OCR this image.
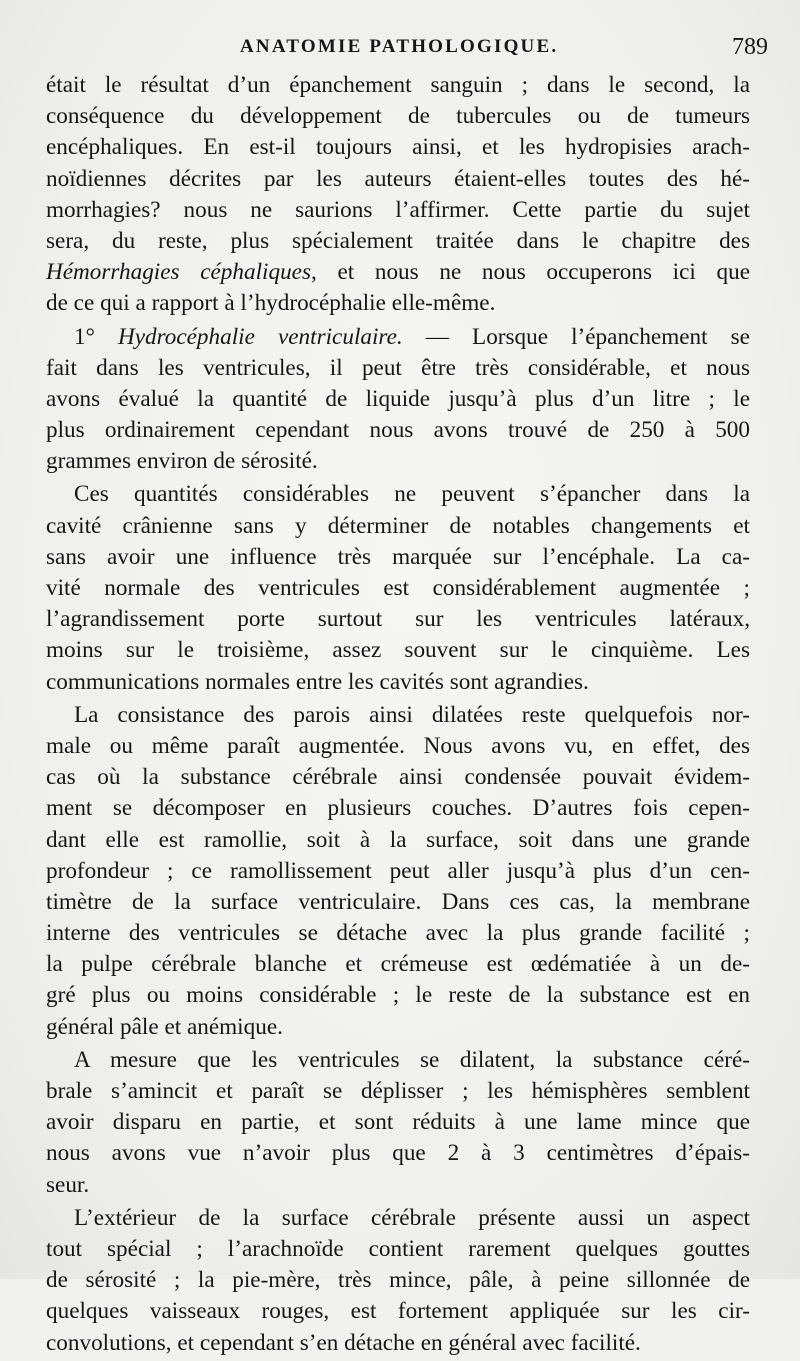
ANATOMIE PATHOLOGIQUE.	789
était le résultat d’un épanchement sanguin ; dans le second, la
conséquence du développement de tubercules ou de tumeurs
encéphaliques. En est-il toujours ainsi, et les hydropisies arach-
noïdiennes décrites par les auteurs étaient-elles toutes des hé-
morrhagies? nous ne saurions l’affirmer. Cette partie du sujet
sera, du reste, plus spécialement traitée dans le chapitre des
Hémorrhagies céphaliques, et nous ne nous occuperons ici que
de ce qui a rapport à l’hydrocéphalie elle-même.
1° Hydrocéphalie ventriculaire. — Lorsque l’épanchement se
fait dans les ventricules, il peut être très considérable, et nous
avons évalué la quantité de liquide jusqu’à plus d’un litre ; le
plus ordinairement cependant nous avons trouvé de 250 à 500
grammes environ de sérosité.
Ces quantités considérables ne peuvent s’épancher dans la
cavité crânienne sans y déterminer de notables changements et
sans avoir une influence très marquée sur l’encéphale. La ca-
vité normale des ventricules est considérablement augmentée ;
l’agrandissement porte surtout sur les ventricules latéraux,
moins sur le troisième, assez souvent sur le cinquième. Les
communications normales entre les cavités sont agrandies.
La consistance des parois ainsi dilatées reste quelquefois nor-
male ou même paraît augmentée. Nous avons vu, en effet, des
cas où la substance cérébrale ainsi condensée pouvait évidem-
ment se décomposer en plusieurs couches. D’autres fois cepen-
dant elle est ramollie, soit à la surface, soit dans une grande
profondeur ; ce ramollissement peut aller jusqu’à plus d’un cen-
timètre de la surface ventriculaire. Dans ces cas, la membrane
interne des ventricules se détache avec la plus grande facilité ;
la pulpe cérébrale blanche et crémeuse est œdématiée à un de-
gré plus ou moins considérable ; le reste de la substance est en
général pâle et anémique.
A mesure que les ventricules se dilatent, la substance céré-
brale s’amincit et paraît se déplisser ; les hémisphères semblent
avoir disparu en partie, et sont réduits à une lame mince que
nous avons vue n’avoir plus que 2 à 3 centimètres d’épais-
seur.
L’extérieur de la surface cérébrale présente aussi un aspect
tout spécial ; l’arachnoïde contient rarement quelques gouttes
de sérosité ; la pie-mère, très mince, pâle, à peine sillonnée de
quelques vaisseaux rouges, est fortement appliquée sur les cir-
convolutions, et cependant s’en détache en général avec facilité.
